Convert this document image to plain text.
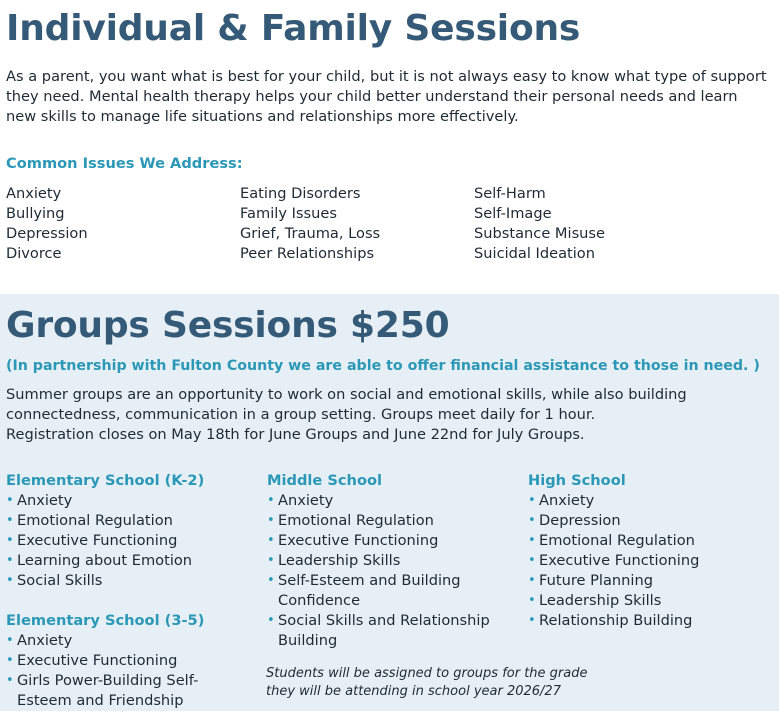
Individual & Family Sessions
As a parent, you want what is best for your child, but it is not always easy to know what type of support
they need. Mental health therapy helps your child better understand their personal needs and learn
new skills to manage life situations and relationships more effectively.
Common Issues We Address:
Anxiety
Bullying
Depression
Divorce
Eating Disorders
Family Issues
Grief, Trauma, Loss
Peer Relationships
Self-Harm
Self-Image
Substance Misuse
Suicidal Ideation
Groups Sessions $250
(In partnership with Fulton County we are able to offer financial assistance to those in need. )
Summer groups are an opportunity to work on social and emotional skills, while also building
connectedness, communication in a group setting. Groups meet daily for 1 hour.
Registration closes on May 18th for June Groups and June 22nd for July Groups.
Elementary School (K-2)
• Anxiety
• Emotional Regulation
• Executive Functioning
• Learning about Emotion
• Social Skills
Elementary School (3-5)
• Anxiety
• Executive Functioning
• Girls Power-Building Self-
Esteem and Friendship
Middle School
• Anxiety
• Emotional Regulation
• Executive Functioning
• Leadership Skills
• Self-Esteem and Building
Confidence
• Social Skills and Relationship
Building
High School
• Anxiety
• Depression
• Emotional Regulation
• Executive Functioning
• Future Planning
• Leadership Skills
• Relationship Building
Students will be assigned to groups for the grade
they will be attending in school year 2026/27
